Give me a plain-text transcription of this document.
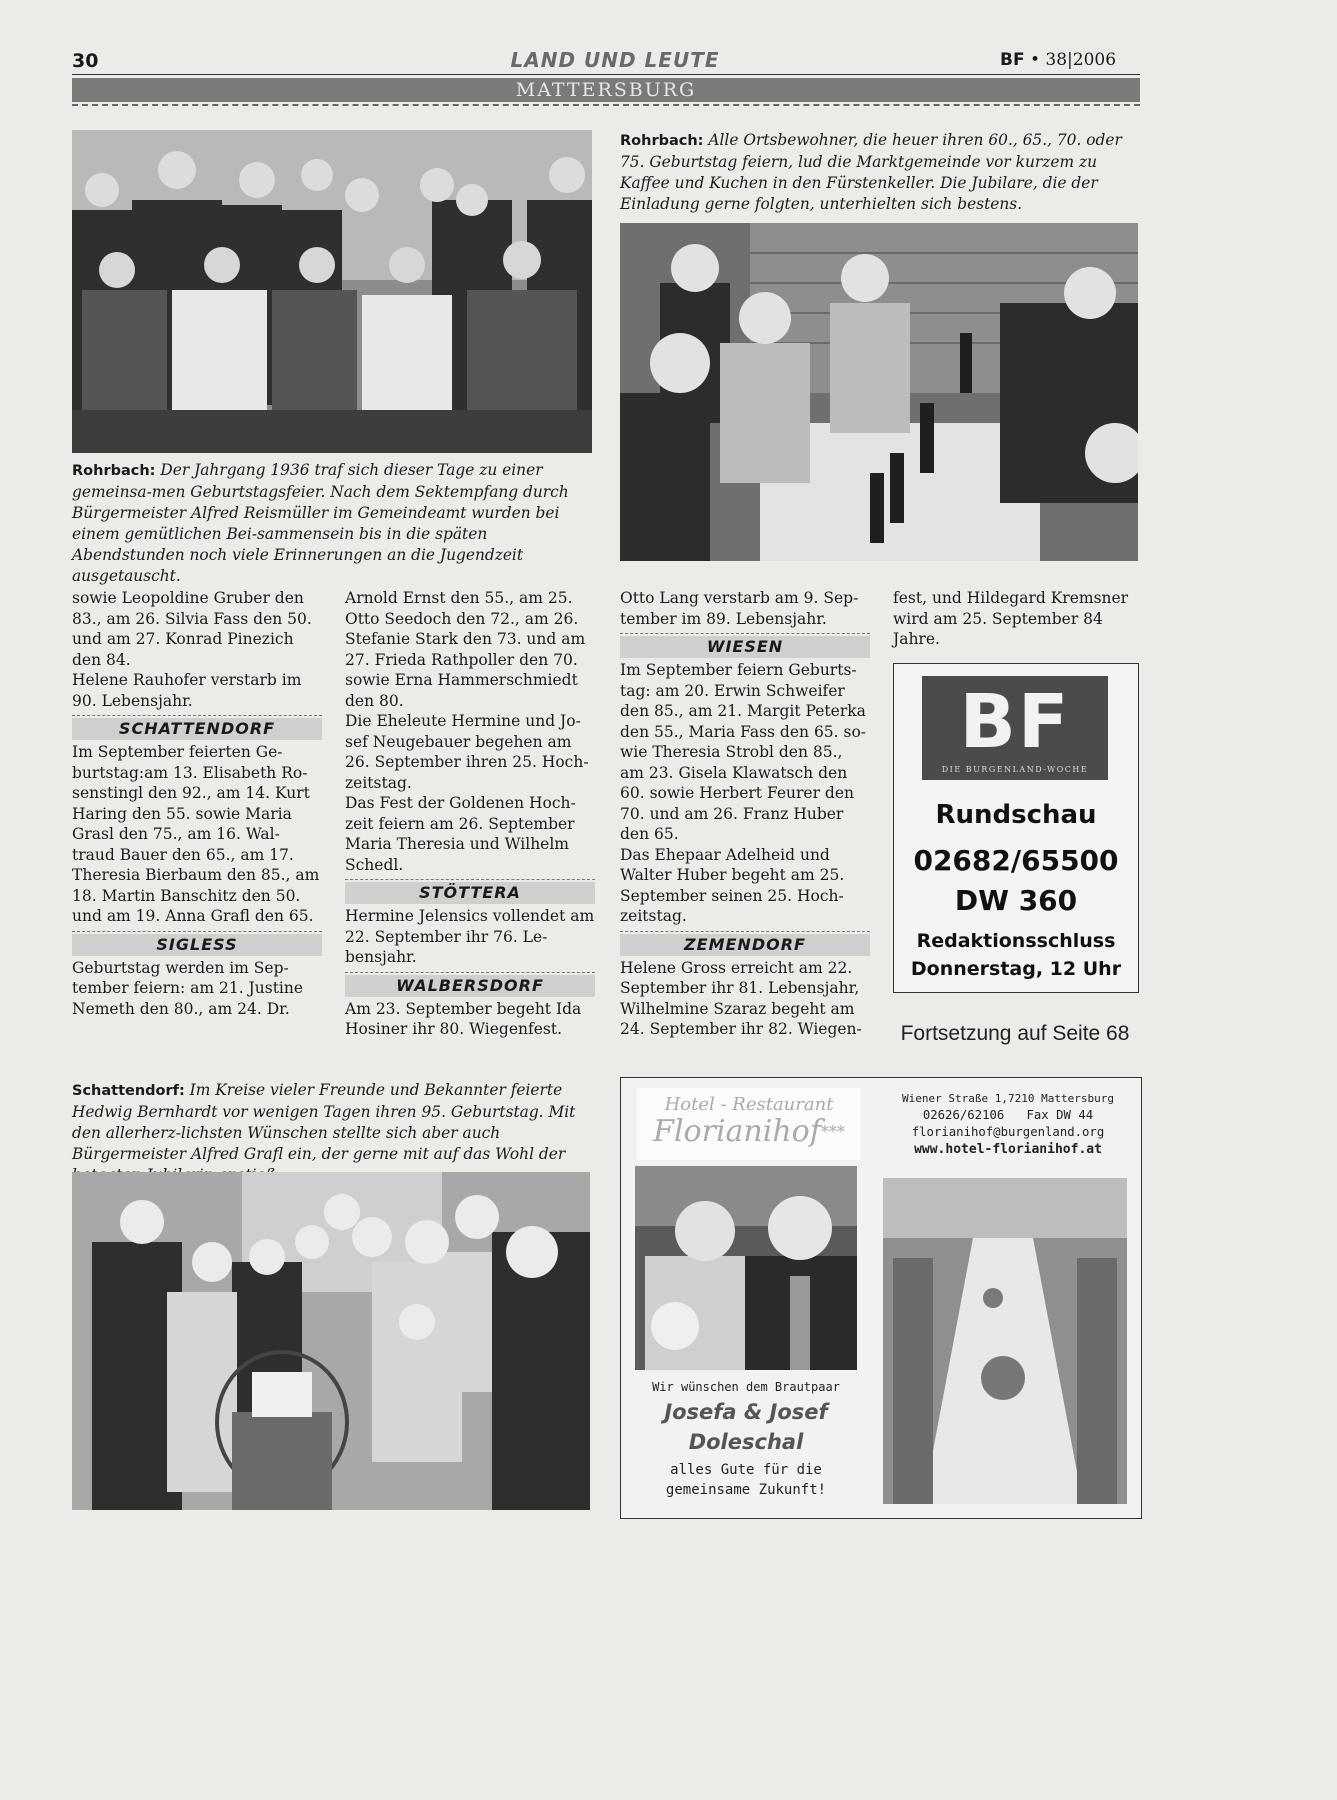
30	LAND UND LEUTE	BF • 38|2006
MATTERSBURG
Rohrbach: Der Jahrgang 1936 traf sich dieser Tage zu einer gemeinsa-men Geburtstagsfeier. Nach dem Sektempfang durch Bürgermeister Alfred Reismüller im Gemeindeamt wurden bei einem gemütlichen Bei-sammensein bis in die späten Abendstunden noch viele Erinnerungen an die Jugendzeit ausgetauscht.
Rohrbach: Alle Ortsbewohner, die heuer ihren 60., 65., 70. oder 75. Geburtstag feiern, lud die Marktgemeinde vor kurzem zu Kaffee und Kuchen in den Fürstenkeller. Die Jubilare, die der Einladung gerne folgten, unterhielten sich bestens.

sowie Leopoldine Gruber den 83., am 26. Silvia Fass den 50. und am 27. Konrad Pinezich den 84.

Helene Rauhofer verstarb im 90. Lebensjahr.

SCHATTENDORF

Im September feierten Ge-burtstag:am 13. Elisabeth Ro-senstingl den 92., am 14. Kurt Haring den 55. sowie Maria Grasl den 75., am 16. Wal-traud Bauer den 65., am 17. Theresia Bierbaum den 85., am 18. Martin Banschitz den 50. und am 19. Anna Grafl den 65.

SIGLESS

Geburtstag werden im Sep-tember feiern: am 21. Justine Nemeth den 80., am 24. Dr.

Arnold Ernst den 55., am 25. Otto Seedoch den 72., am 26. Stefanie Stark den 73. und am 27. Frieda Rathpoller den 70. sowie Erna Hammerschmiedt den 80.

Die Eheleute Hermine und Jo-sef Neugebauer begehen am 26. September ihren 25. Hoch-zeitstag.

Das Fest der Goldenen Hoch-zeit feiern am 26. September Maria Theresia und Wilhelm Schedl.

STÖTTERA

Hermine Jelensics vollendet am 22. September ihr 76. Le-bensjahr.

WALBERSDORF

Am 23. September begeht Ida Hosiner ihr 80. Wiegenfest.

Otto Lang verstarb am 9. Sep-tember im 89. Lebensjahr.

WIESEN

Im September feiern Geburts-tag: am 20. Erwin Schweifer den 85., am 21. Margit Peterka den 55., Maria Fass den 65. so-wie Theresia Strobl den 85., am 23. Gisela Klawatsch den 60. sowie Herbert Feurer den 70. und am 26. Franz Huber den 65.

Das Ehepaar Adelheid und Walter Huber begeht am 25. September seinen 25. Hoch-zeitstag.

ZEMENDORF

Helene Gross erreicht am 22. September ihr 81. Lebensjahr, Wilhelmine Szaraz begeht am 24. September ihr 82. Wiegen-

fest, und Hildegard Kremsner wird am 25. September 84 Jahre.

BF
DIE BURGENLAND-WOCHE
Rundschau
02682/65500
DW 360
Redaktionsschluss
Donnerstag, 12 Uhr
Fortsetzung auf Seite 68
Schattendorf: Im Kreise vieler Freunde und Bekannter feierte Hedwig Bernhardt vor wenigen Tagen ihren 95. Geburtstag. Mit den allerherz-lichsten Wünschen stellte sich aber auch Bürgermeister Alfred Grafl ein, der gerne mit auf das Wohl der
Hotel - Restaurant
Florianihof***
Wiener Straße 1,7210 Mattersburg
02626/62106 Fax DW 44
florianihof@burgenland.org
www.hotel-florianihof.at
Wir wünschen dem Brautpaar
Josefa & Josef
Doleschal
alles Gute für die
gemeinsame Zukunft!
